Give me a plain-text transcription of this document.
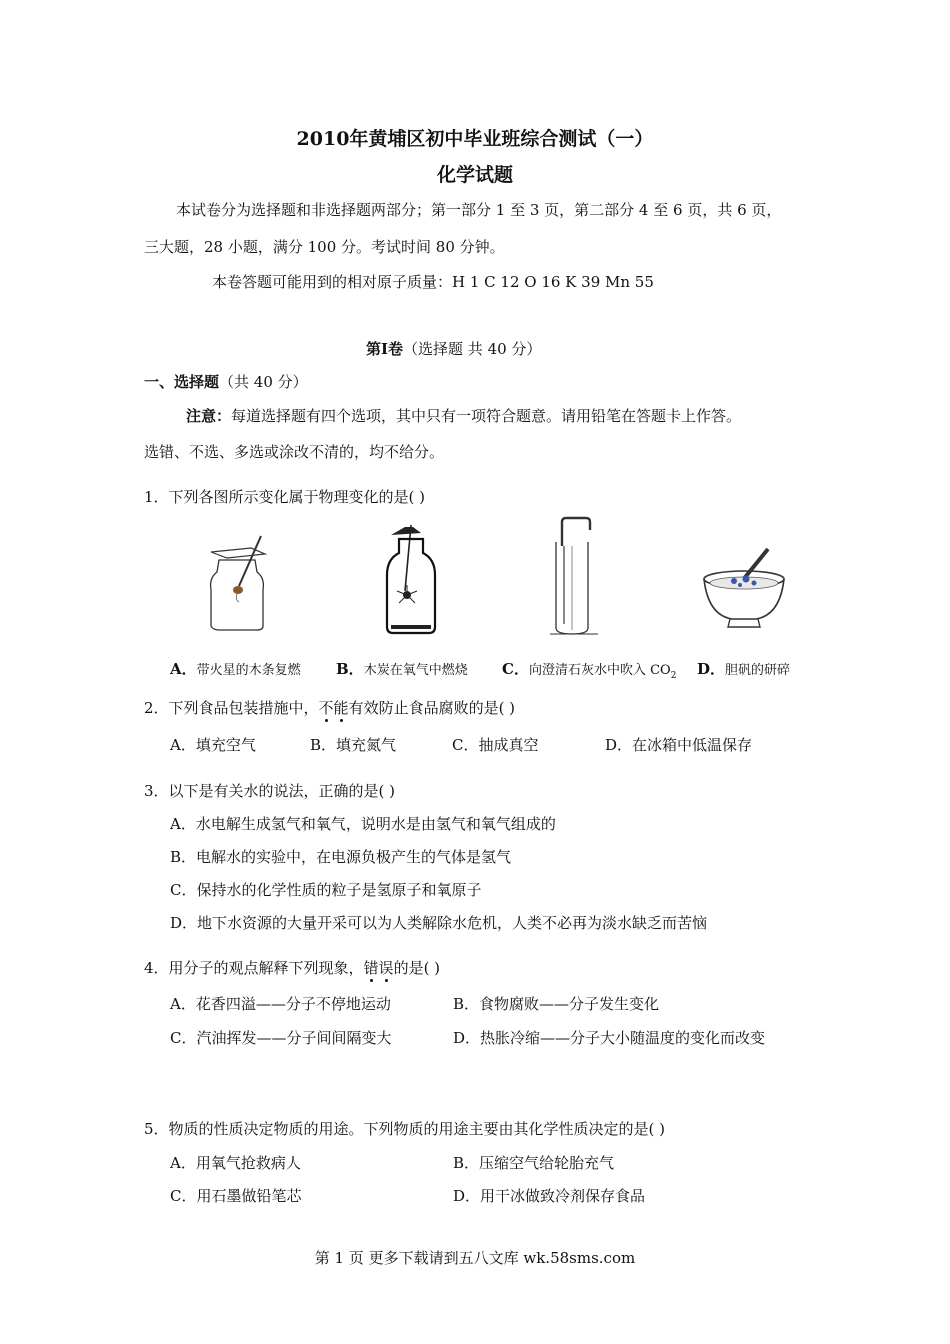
2010年黄埔区初中毕业班综合测试（一）
化学试题
本试卷分为选择题和非选择题两部分；第一部分 1 至 3 页，第二部分 4 至 6 页，共 6 页，
三大题，28 小题，满分 100 分。考试时间 80 分钟。
本卷答题可能用到的相对原子质量：H 1 C 12 O 16 K 39 Mn 55
第Ⅰ卷（选择题 共 40 分）
一、选择题（共 40 分）
注意：每道选择题有四个选项，其中只有一项符合题意。请用铅笔在答题卡上作答。
选错、不选、多选或涂改不清的，均不给分。
1．下列各图所示变化属于物理变化的是( )
A．带火星的木条复燃 B．木炭在氧气中燃烧 C．向澄清石灰水中吹入 $CO_2$ D．胆矾的研碎
2．下列食品包装措施中，不能
有效防止食品腐败的是( )
A．填充空气	B．填充氮气	C．抽成真空	D．在冰箱中低温保存
3．以下是有关水的说法，正确的是( )
A．水电解生成氢气和氧气，说明水是由氢气和氧气组成的
B．电解水的实验中，在电源负极产生的气体是氢气
C．保持水的化学性质的粒子是氢原子和氧原子
D．地下水资源的大量开采可以为人类解除水危机，人类不必再为淡水缺乏而苦恼
4．用分子的观点解释下列现象，错误
的是( )
A．花香四溢——分子不停地运动	B．食物腐败——分子发生变化
C．汽油挥发——分子间间隔变大	D．热胀冷缩——分子大小随温度的变化而改变
5．物质的性质决定物质的用途。下列物质的用途主要由其化学性质决定的是( )
A．用氧气抢救病人	B．压缩空气给轮胎充气
C．用石墨做铅笔芯	D．用干冰做致冷剂保存食品
第 1 页 更多下载请到五八文库 wk.58sms.com
